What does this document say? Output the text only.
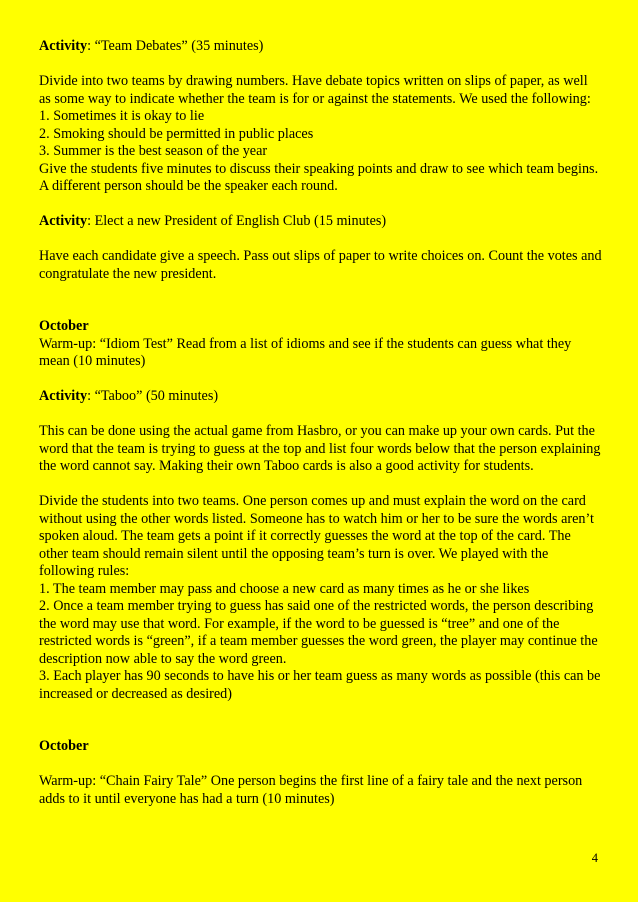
Activity: “Team Debates” (35 minutes)

Divide into two teams by drawing numbers. Have debate topics written on slips of paper, as well as some way to indicate whether the team is for or against the statements. We used the following:

1. Sometimes it is okay to lie

2. Smoking should be permitted in public places

3. Summer is the best season of the year

Give the students five minutes to discuss their speaking points and draw to see which team begins. A different person should be the speaker each round.

Activity: Elect a new President of English Club (15 minutes)

Have each candidate give a speech. Pass out slips of paper to write choices on. Count the votes and congratulate the new president.

October

Warm-up: “Idiom Test” Read from a list of idioms and see if the students can guess what they mean (10 minutes)

Activity: “Taboo” (50 minutes)

This can be done using the actual game from Hasbro, or you can make up your own cards. Put the word that the team is trying to guess at the top and list four words below that the person explaining the word cannot say. Making their own Taboo cards is also a good activity for students.

Divide the students into two teams. One person comes up and must explain the word on the card without using the other words listed. Someone has to watch him or her to be sure the words aren’t spoken aloud. The team gets a point if it correctly guesses the word at the top of the card. The other team should remain silent until the opposing team’s turn is over. We played with the following rules:

1. The team member may pass and choose a new card as many times as he or she likes

2. Once a team member trying to guess has said one of the restricted words, the person describing the word may use that word. For example, if the word to be guessed is “tree” and one of the restricted words is “green”, if a team member guesses the word green, the player may continue the description now able to say the word green.

3. Each player has 90 seconds to have his or her team guess as many words as possible (this can be increased or decreased as desired)

October

Warm-up: “Chain Fairy Tale” One person begins the first line of a fairy tale and the next person adds to it until everyone has had a turn (10 minutes)

4
